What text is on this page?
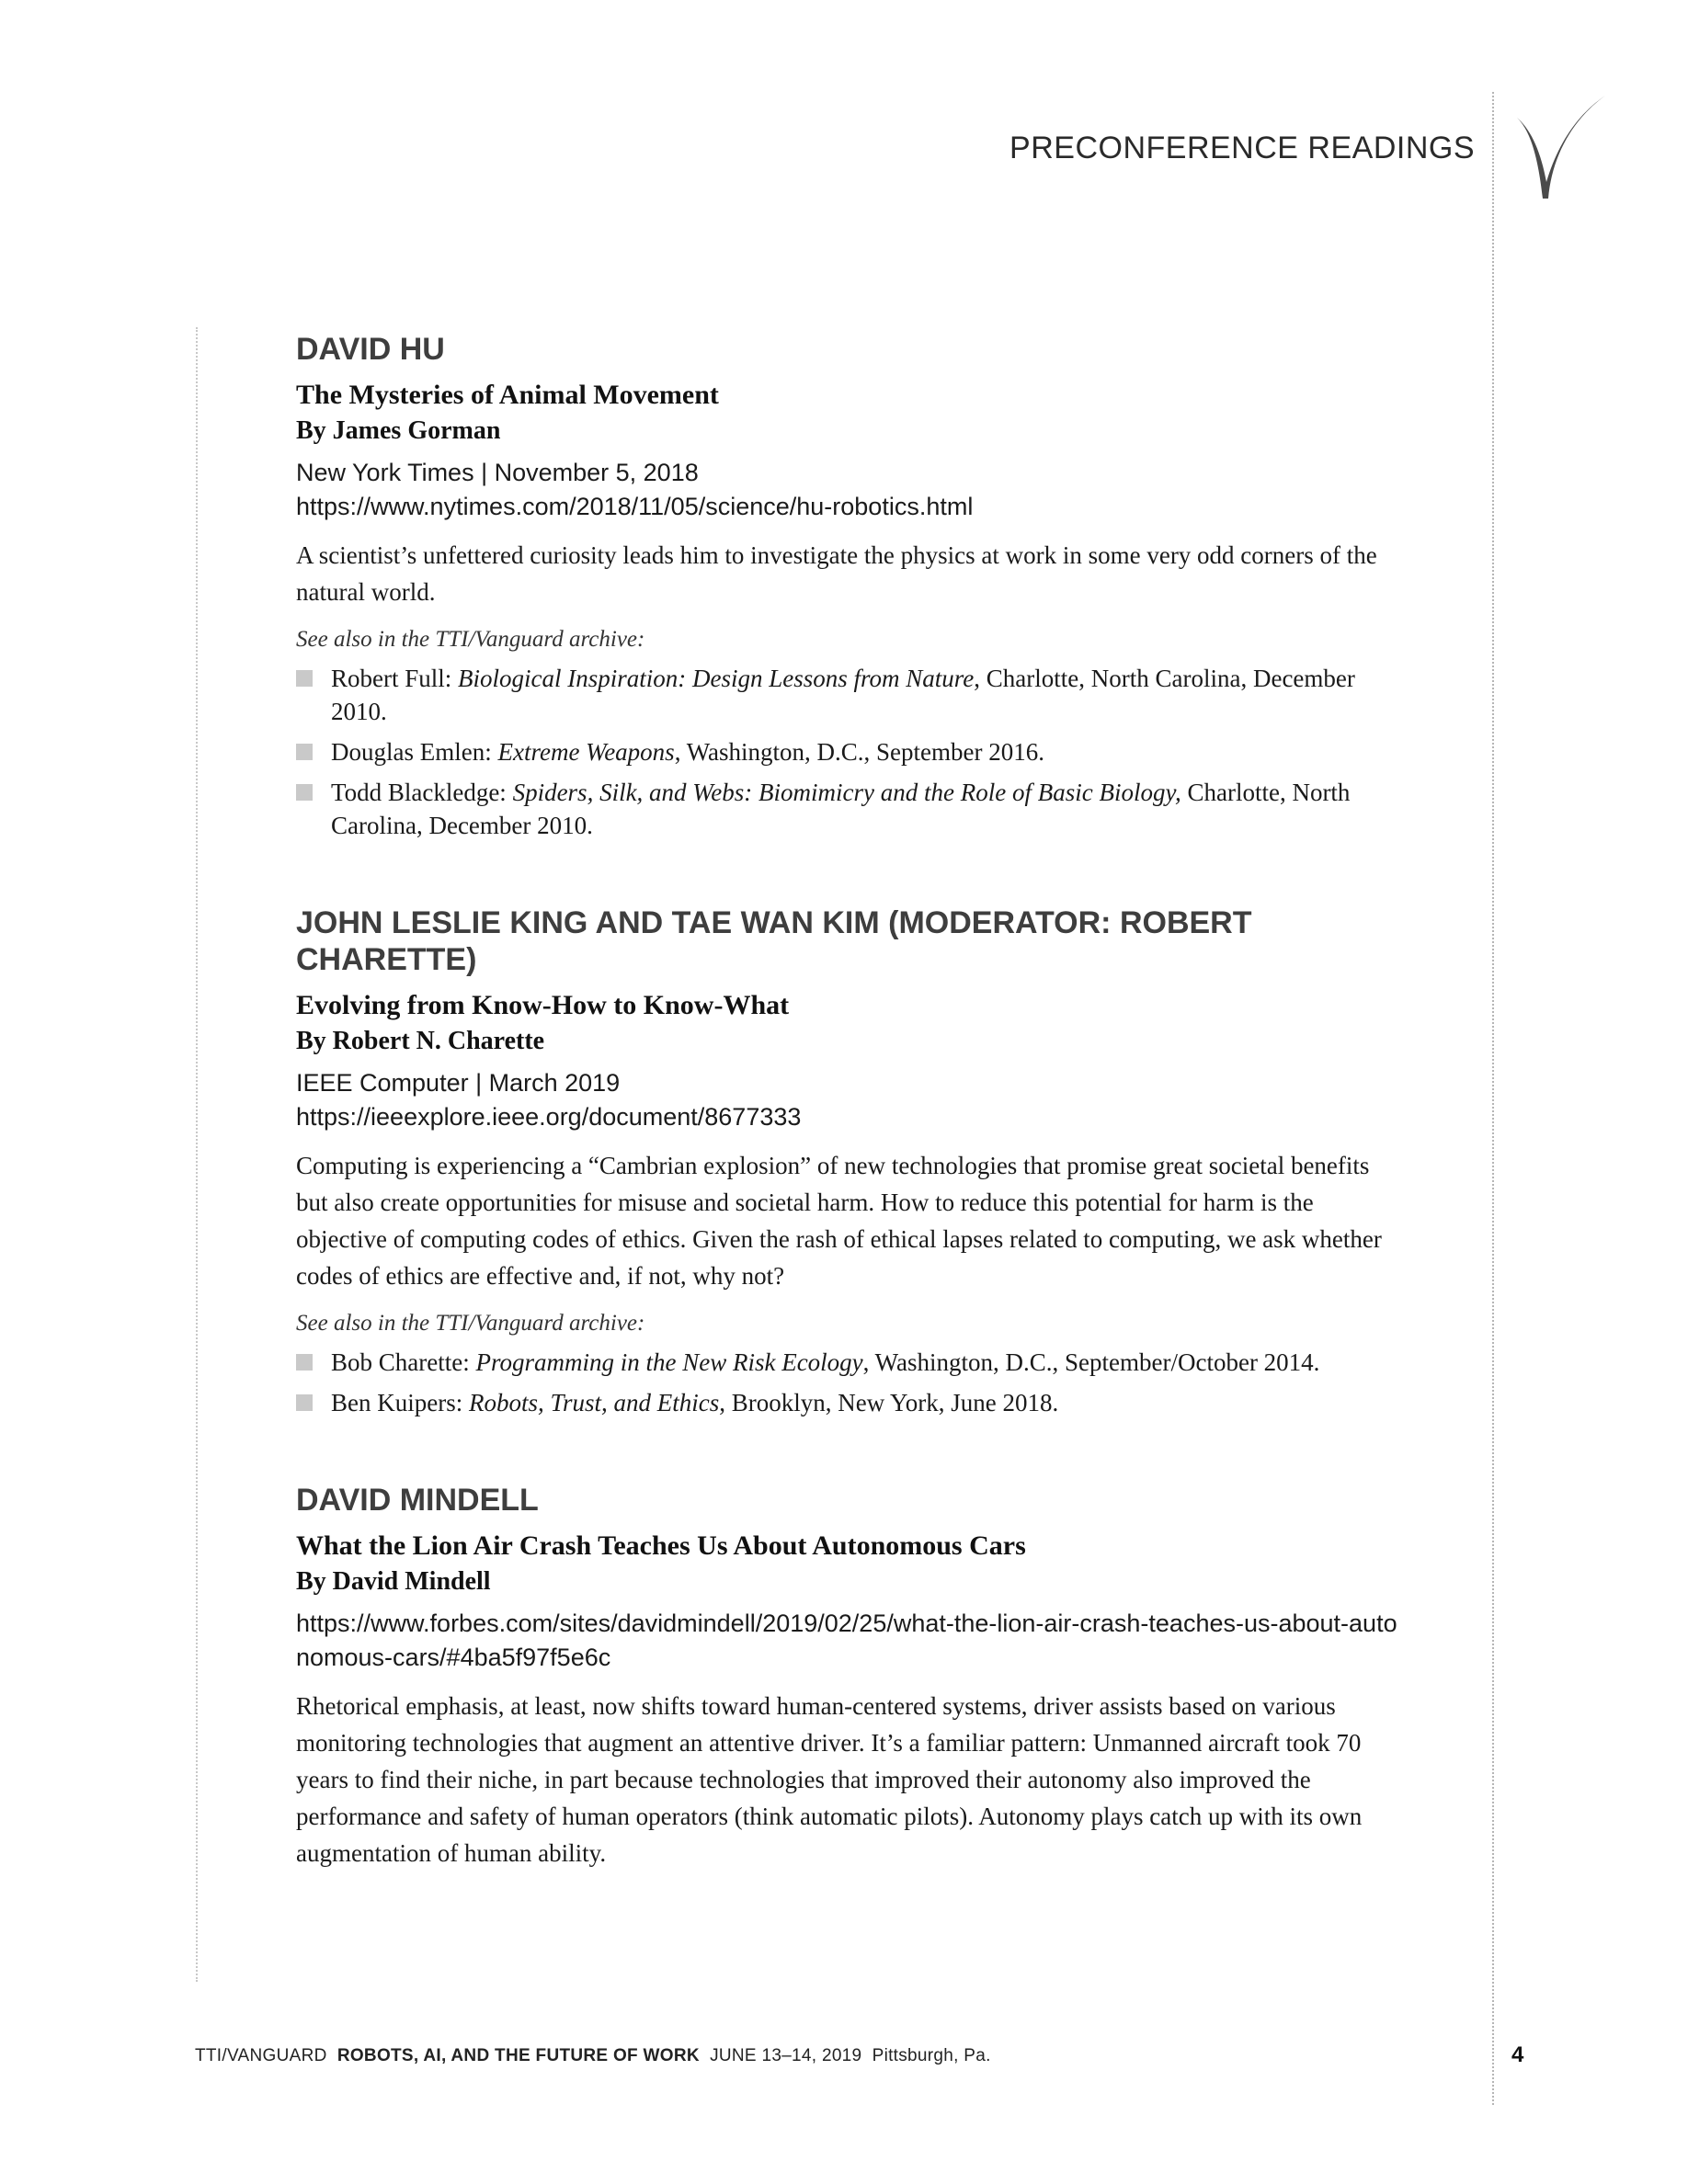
PRECONFERENCE READINGS
DAVID HU

The Mysteries of Animal Movement

By James Gorman

New York Times | November 5, 2018
https://www.nytimes.com/2018/11/05/science/hu-robotics.html

A scientist’s unfettered curiosity leads him to investigate the physics at work in some very odd corners of the natural world.

See also in the TTI/Vanguard archive:

Robert Full: Biological Inspiration: Design Lessons from Nature, Charlotte, North Carolina, December 2010.
Douglas Emlen: Extreme Weapons, Washington, D.C., September 2016.
Todd Blackledge: Spiders, Silk, and Webs: Biomimicry and the Role of Basic Biology, Charlotte, North Carolina, December 2010.
JOHN LESLIE KING AND TAE WAN KIM (MODERATOR: ROBERT CHARETTE)

Evolving from Know-How to Know-What

By Robert N. Charette

IEEE Computer | March 2019
https://ieeexplore.ieee.org/document/8677333

Computing is experiencing a “Cambrian explosion” of new technologies that promise great societal benefits but also create opportunities for misuse and societal harm. How to reduce this potential for harm is the objective of computing codes of ethics. Given the rash of ethical lapses related to computing, we ask whether codes of ethics are effective and, if not, why not?

See also in the TTI/Vanguard archive:

Bob Charette: Programming in the New Risk Ecology, Washington, D.C., September/October 2014.
Ben Kuipers: Robots, Trust, and Ethics, Brooklyn, New York, June 2018.
DAVID MINDELL

What the Lion Air Crash Teaches Us About Autonomous Cars

By David Mindell

https://www.forbes.com/sites/davidmindell/2019/02/25/what-the-lion-air-crash-teaches-us-about-autonomous-cars/#4ba5f97f5e6c

Rhetorical emphasis, at least, now shifts toward human-centered systems, driver assists based on various monitoring technologies that augment an attentive driver. It’s a familiar pattern: Unmanned aircraft took 70 years to find their niche, in part because technologies that improved their autonomy also improved the performance and safety of human operators (think automatic pilots). Autonomy plays catch up with its own augmentation of human ability.

TTI/VANGUARD ROBOTS, AI, AND THE FUTURE OF WORK JUNE 13–14, 2019 Pittsburgh, Pa.	4
